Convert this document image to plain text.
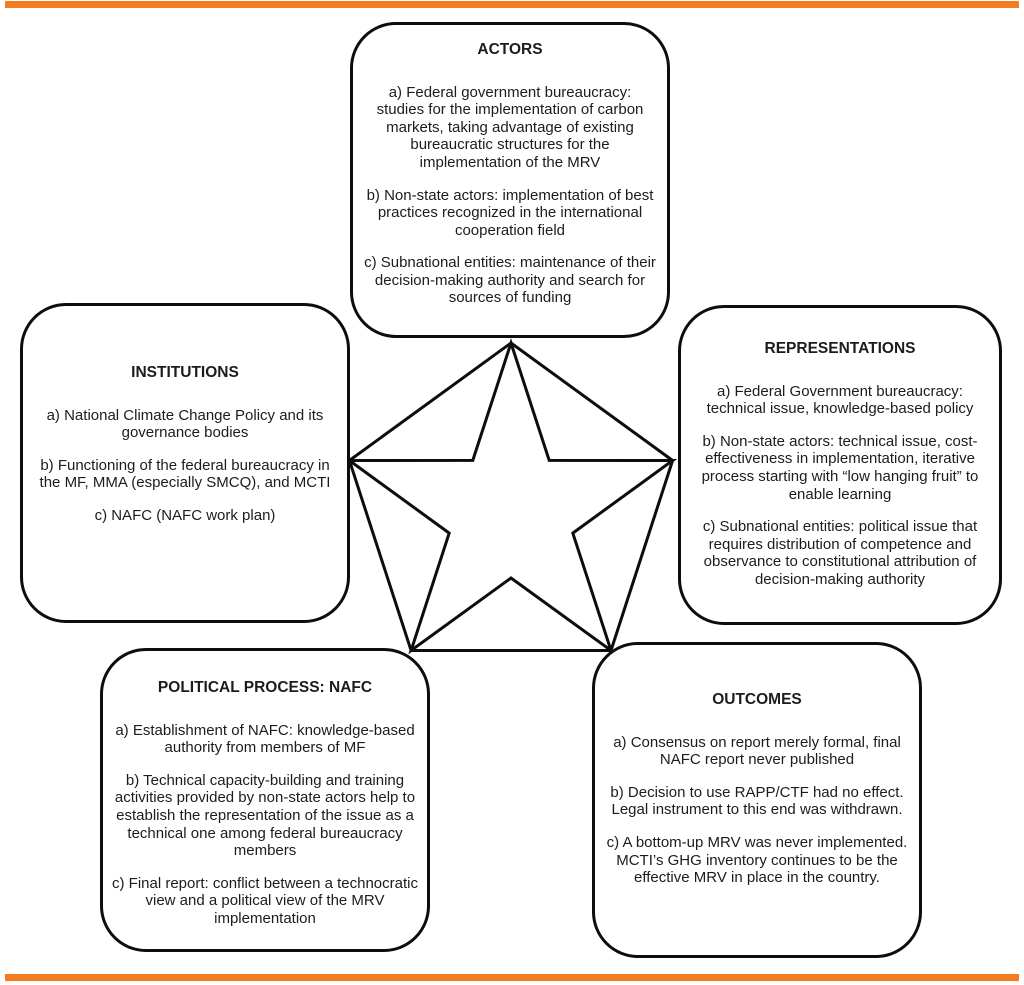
ACTORS

a) Federal government bureaucracy: studies for the implementation of carbon markets, taking advantage of existing bureaucratic structures for the implementation of the MRV

b) Non-state actors: implementation of best practices recognized in the international cooperation field

c) Subnational entities: maintenance of their decision-making authority and search for sources of funding

INSTITUTIONS

a) National Climate Change Policy and its governance bodies

b) Functioning of the federal bureaucracy in the MF, MMA (especially SMCQ), and MCTI

c) NAFC (NAFC work plan)

REPRESENTATIONS

a) Federal Government bureaucracy: technical issue, knowledge-based policy

b) Non-state actors: technical issue, cost-effectiveness in implementation, iterative process starting with “low hanging fruit” to enable learning

c) Subnational entities: political issue that requires distribution of competence and observance to constitutional attribution of decision-making authority

POLITICAL PROCESS: NAFC

a) Establishment of NAFC: knowledge-based authority from members of MF

b) Technical capacity-building and training activities provided by non-state actors help to establish the representation of the issue as a technical one among federal bureaucracy members

c) Final report: conflict between a technocratic view and a political view of the MRV implementation

OUTCOMES

a) Consensus on report merely formal, final NAFC report never published

b) Decision to use RAPP/CTF had no effect. Legal instrument to this end was withdrawn.

c) A bottom-up MRV was never implemented. MCTI’s GHG inventory continues to be the effective MRV in place in the country.
